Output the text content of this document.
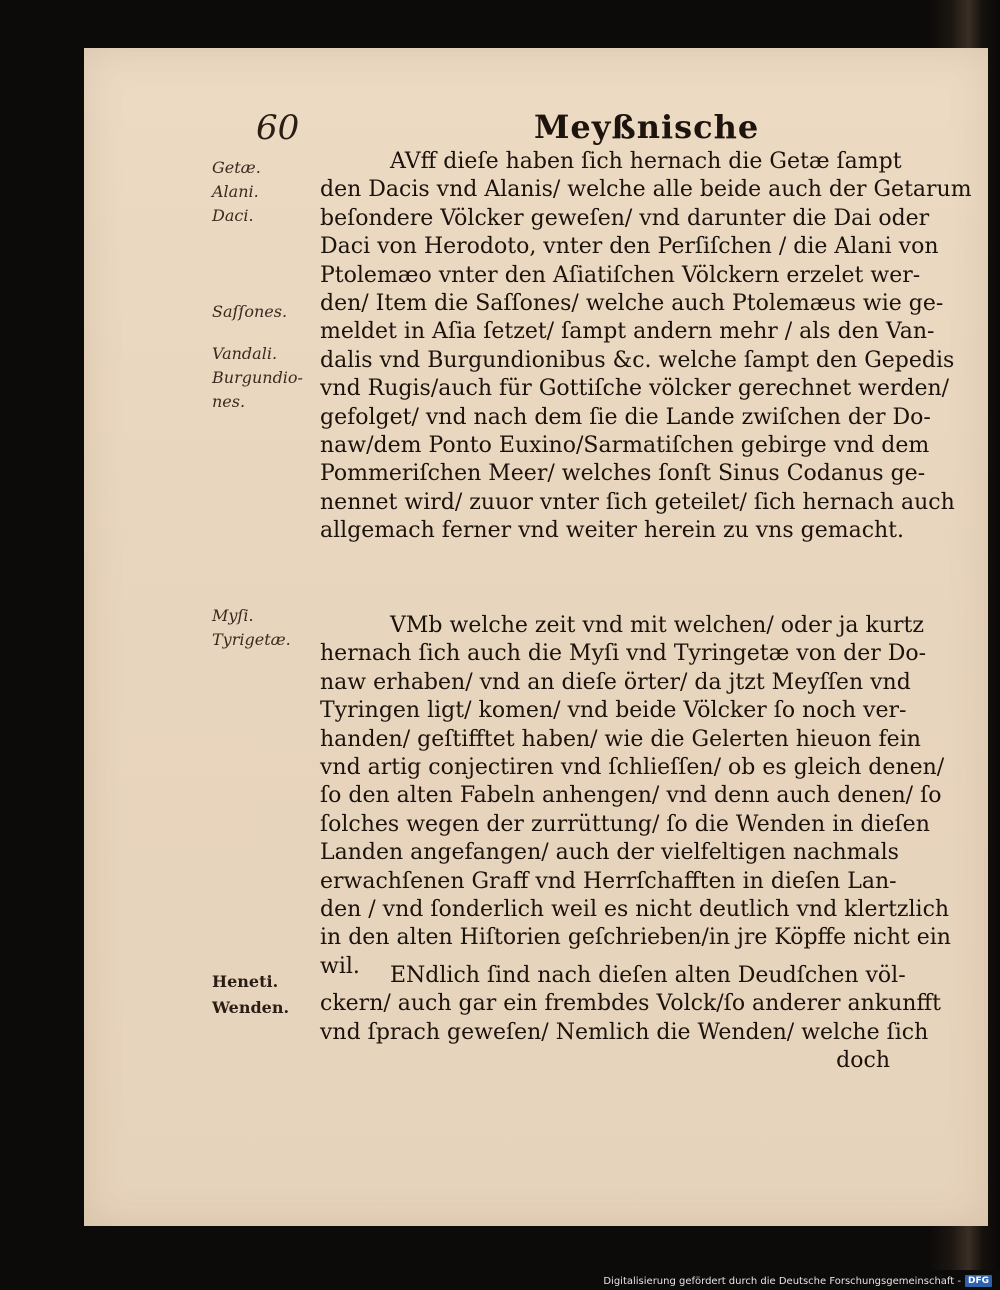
60	Meyßnische
Getæ.
Alani.
Daci.
Saſſones.
Vandali.
Burgundio-
nes.
Myſi.
Tyrigetæ.
Heneti.
Wenden.
AVff dieſe haben ſich hernach die Getæ ſampt
den Dacis vnd Alanis/ welche alle beide auch der Getarum
beſondere Völcker geweſen/ vnd darunter die Dai oder
Daci von Herodoto, vnter den Perſiſchen / die Alani von
Ptolemæo vnter den Aſiatiſchen Völckern erzelet wer-
den/ Item die Saſſones/ welche auch Ptolemæus wie ge-
meldet in Aſia ſetzet/ ſampt andern mehr / als den Van-
dalis vnd Burgundionibus &c. welche ſampt den Gepedis
vnd Rugis/auch für Gottiſche völcker gerechnet werden/
gefolget/ vnd nach dem ſie die Lande zwiſchen der Do-
naw/dem Ponto Euxino/Sarmatiſchen gebirge vnd dem
Pommeriſchen Meer/ welches ſonſt Sinus Codanus ge-
nennet wird/ zuuor vnter ſich geteilet/ ſich hernach auch
allgemach ferner vnd weiter herein zu vns gemacht.
VMb welche zeit vnd mit welchen/ oder ja kurtz
hernach ſich auch die Myſi vnd Tyringetæ von der Do-
naw erhaben/ vnd an dieſe örter/ da jtzt Meyſſen vnd
Tyringen ligt/ komen/ vnd beide Völcker ſo noch ver-
handen/ geſtifftet haben/ wie die Gelerten hieuon fein
vnd artig conjectiren vnd ſchlieſſen/ ob es gleich denen/
ſo den alten Fabeln anhengen/ vnd denn auch denen/ ſo
ſolches wegen der zurrüttung/ ſo die Wenden in dieſen
Landen angefangen/ auch der vielfeltigen nachmals
erwachſenen Graff vnd Herrſchafften in dieſen Lan-
den / vnd ſonderlich weil es nicht deutlich vnd klertzlich
in den alten Hiſtorien geſchrieben/in jre Köpffe nicht ein
wil.	ENdlich ſind nach dieſen alten Deudſchen völ-
ckern/ auch gar ein frembdes Volck/ſo anderer ankunfft
vnd ſprach geweſen/ Nemlich die Wenden/ welche ſich
doch
Digitalisierung gefördert durch die Deutsche Forschungsgemeinschaft - DFG
